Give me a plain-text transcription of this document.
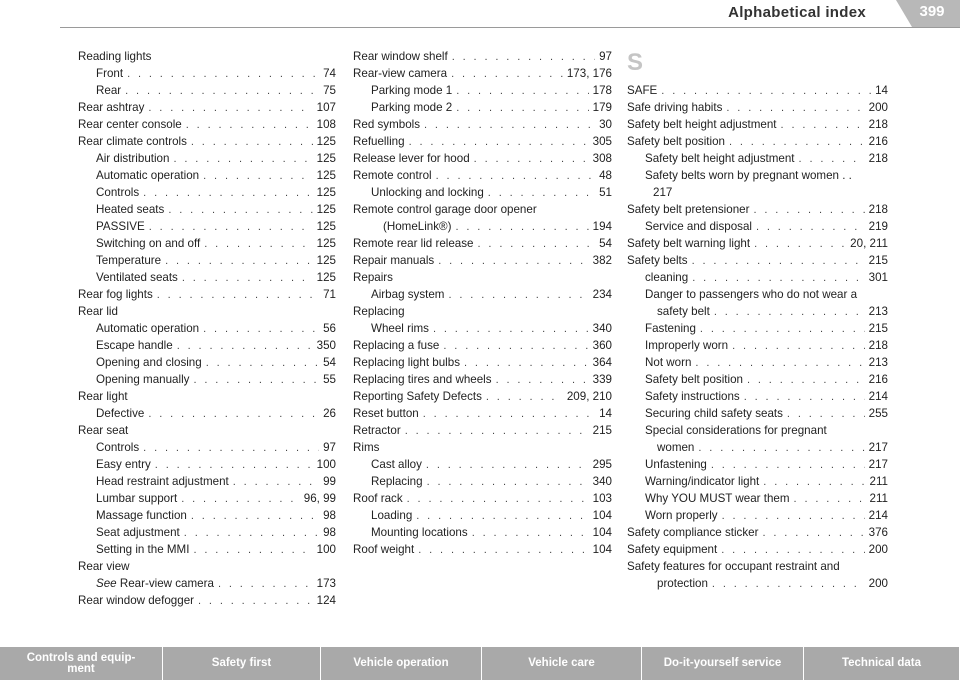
Alphabetical index	399
Reading lights
Front . . .	74
Rear . . .	75
Rear ashtray . . .	107
Rear center console . . .	108
Rear climate controls . . .	125
Air distribution . . .	125
Automatic operation . . .	125
Controls . . .	125
Heated seats . . .	125
PASSIVE . . .	125
Switching on and off . . .	125
Temperature . . .	125
Ventilated seats . . .	125
Rear fog lights . . .	71
Rear lid
Automatic operation . . .	56
Escape handle . . .	350
Opening and closing . . .	54
Opening manually . . .	55
Rear light
Defective . . .	26
Rear seat
Controls . . .	97
Easy entry . . .	100
Head restraint adjustment . . .	99
Lumbar support . . .	96, 99
Massage function . . .	98
Seat adjustment . . .	98
Setting in the MMI . . .	100
Rear view
See Rear-view camera . . .	173
Rear window defogger . . .	124
Rear window shelf . . .	97
Rear-view camera . . .	173, 176
Parking mode 1 . . .	178
Parking mode 2 . . .	179
Red symbols . . .	30
Refuelling . . .	305
Release lever for hood . . .	308
Remote control . . .	48
Unlocking and locking . . .	51
Remote control garage door opener
(HomeLink®) . . .	194
Remote rear lid release . . .	54
Repair manuals . . .	382
Repairs
Airbag system . . .	234
Replacing
Wheel rims . . .	340
Replacing a fuse . . .	360
Replacing light bulbs . . .	364
Replacing tires and wheels . . .	339
Reporting Safety Defects . . .	209, 210
Reset button . . .	14
Retractor . . .	215
Rims
Cast alloy . . .	295
Replacing . . .	340
Roof rack . . .	103
Loading . . .	104
Mounting locations . . .	104
Roof weight . . .	104
S
SAFE . . .	14
Safe driving habits . . .	200
Safety belt height adjustment . . .	218
Safety belt position . . .	216
Safety belt height adjustment . . .	218
Safety belts worn by pregnant women . .
217
Safety belt pretensioner . . .	218
Service and disposal . . .	219
Safety belt warning light . . .	20, 211
Safety belts . . .	215
cleaning . . .	301
Danger to passengers who do not wear a
safety belt . . .	213
Fastening . . .	215
Improperly worn . . .	218
Not worn . . .	213
Safety belt position . . .	216
Safety instructions . . .	214
Securing child safety seats . . .	255
Special considerations for pregnant
women . . .	217
Unfastening . . .	217
Warning/indicator light . . .	211
Why YOU MUST wear them . . .	211
Worn properly . . .	214
Safety compliance sticker . . .	376
Safety equipment . . .	200
Safety features for occupant restraint and
protection . . .	200
Controls and equip-
ment	Safety first	Vehicle operation	Vehicle care	Do-it-yourself service	Technical data
